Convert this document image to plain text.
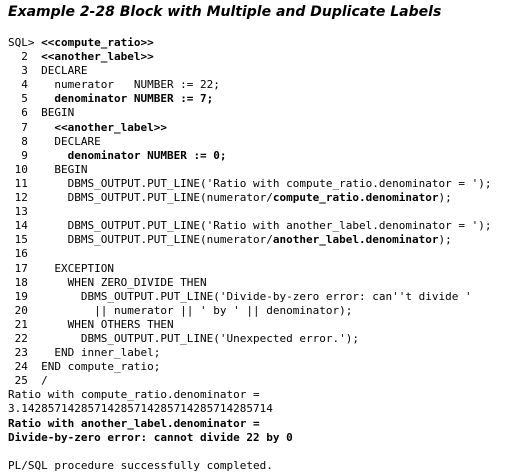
Example 2-28 Block with Multiple and Duplicate Labels
SQL> <<compute_ratio>>
2  <<another_label>>
3  DECLARE
4    numerator   NUMBER := 22;
5    denominator NUMBER := 7;
6  BEGIN
7    <<another_label>>
8    DECLARE
9      denominator NUMBER := 0;
10    BEGIN
11      DBMS_OUTPUT.PUT_LINE('Ratio with compute_ratio.denominator = ');
12      DBMS_OUTPUT.PUT_LINE(numerator/compute_ratio.denominator);
13
14      DBMS_OUTPUT.PUT_LINE('Ratio with another_label.denominator = ');
15      DBMS_OUTPUT.PUT_LINE(numerator/another_label.denominator);
16
17    EXCEPTION
18      WHEN ZERO_DIVIDE THEN
19        DBMS_OUTPUT.PUT_LINE('Divide-by-zero error: can''t divide '
20          || numerator || ' by ' || denominator);
21      WHEN OTHERS THEN
22        DBMS_OUTPUT.PUT_LINE('Unexpected error.');
23    END inner_label;
24  END compute_ratio;
25  /
Ratio with compute_ratio.denominator =
3.14285714285714285714285714285714285714
Ratio with another_label.denominator =
Divide-by-zero error: cannot divide 22 by 0
PL/SQL procedure successfully completed.
